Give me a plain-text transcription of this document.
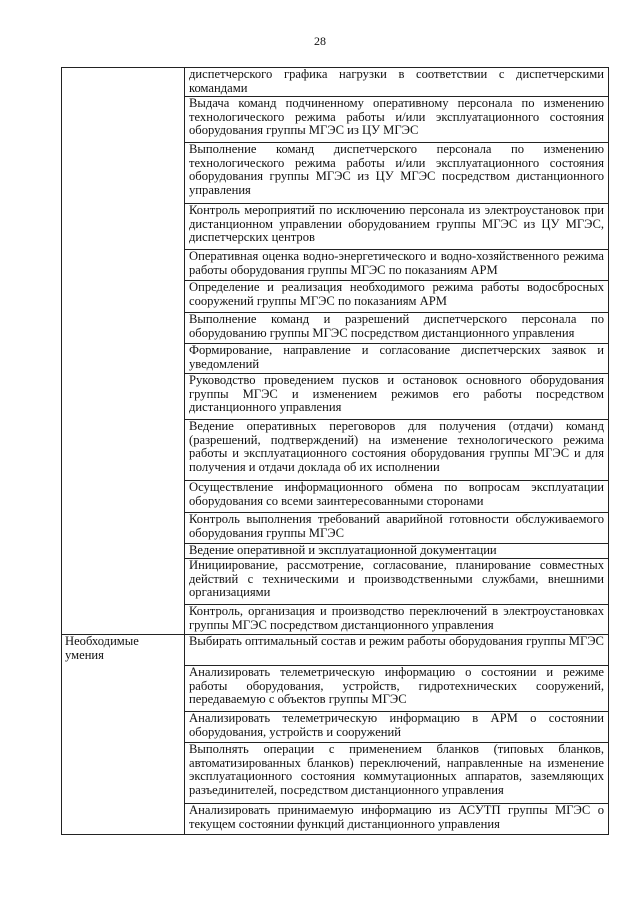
28
	диспетчерского графика нагрузки в соответствии с диспетчерскими командами
	Выдача команд подчиненному оперативному персонала по изменению технологического режима работы и/или эксплуатационного состояния оборудования группы МГЭС из ЦУ МГЭС
	Выполнение команд диспетчерского персонала по изменению технологического режима работы и/или эксплуатационного состояния оборудования группы МГЭС из ЦУ МГЭС посредством дистанционного управления
	Контроль мероприятий по исключению персонала из электроустановок при дистанционном управлении оборудованием группы МГЭС из ЦУ МГЭС, диспетчерских центров
	Оперативная оценка водно-энергетического и водно-хозяйственного режима работы оборудования группы МГЭС по показаниям АРМ
	Определение и реализация необходимого режима работы водосбросных сооружений группы МГЭС по показаниям АРМ
	Выполнение команд и разрешений диспетчерского персонала по оборудованию группы МГЭС посредством дистанционного управления
	Формирование, направление и согласование диспетчерских заявок и уведомлений
	Руководство проведением пусков и остановок основного оборудования группы МГЭС и изменением режимов его работы посредством дистанционного управления
	Ведение оперативных переговоров для получения (отдачи) команд (разрешений, подтверждений) на изменение технологического режима работы и эксплуатационного состояния оборудования группы МГЭС и для получения и отдачи доклада об их исполнении
	Осуществление информационного обмена по вопросам эксплуатации оборудования со всеми заинтересованными сторонами
	Контроль выполнения требований аварийной готовности обслуживаемого оборудования группы МГЭС
	Ведение оперативной и эксплуатационной документации
	Инициирование, рассмотрение, согласование, планирование совместных действий с техническими и производственными службами, внешними организациями
	Контроль, организация и производство переключений в электроустановках группы МГЭС посредством дистанционного управления
Необходимые умения	Выбирать оптимальный состав и режим работы оборудования группы МГЭС
	Анализировать телеметрическую информацию о состоянии и режиме работы оборудования, устройств, гидротехнических сооружений, передаваемую с объектов группы МГЭС
	Анализировать телеметрическую информацию в АРМ о состоянии оборудования, устройств и сооружений
	Выполнять операции с применением бланков (типовых бланков, автоматизированных бланков) переключений, направленные на изменение эксплуатационного состояния коммутационных аппаратов, заземляющих разъединителей, посредством дистанционного управления
	Анализировать принимаемую информацию из АСУТП группы МГЭС о текущем состоянии функций дистанционного управления
